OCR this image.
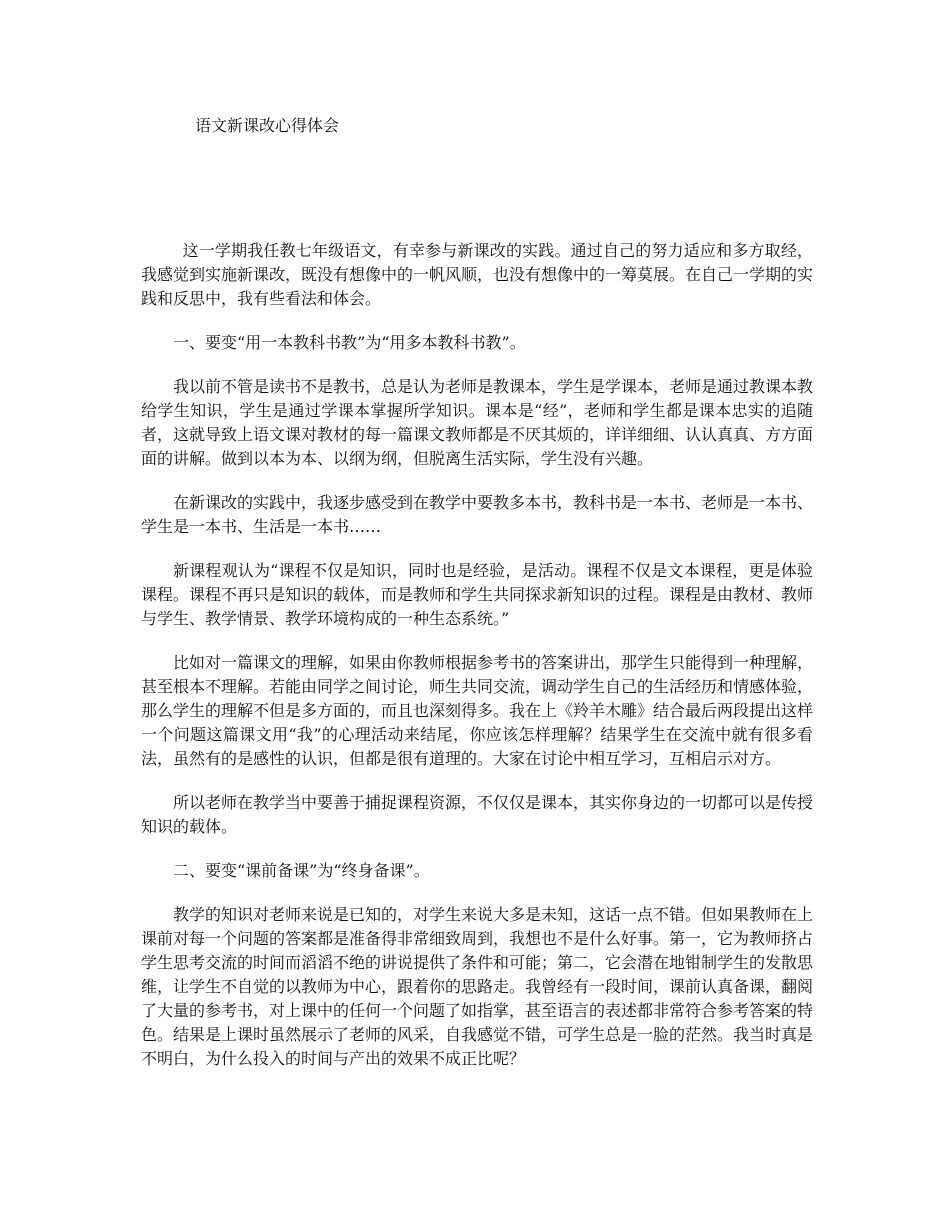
语文新课改心得体会

这一学期我任教七年级语文，有幸参与新课改的实践。通过自己的努力适应和多方取经，我感觉到实施新课改，既没有想像中的一帆风顺，也没有想像中的一筹莫展。在自己一学期的实践和反思中，我有些看法和体会。

一、要变“用一本教科书教”为“用多本教科书教”。

我以前不管是读书不是教书，总是认为老师是教课本，学生是学课本，老师是通过教课本教给学生知识，学生是通过学课本掌握所学知识。课本是“经”，老师和学生都是课本忠实的追随者，这就导致上语文课对教材的每一篇课文教师都是不厌其烦的，详详细细、认认真真、方方面面的讲解。做到以本为本、以纲为纲，但脱离生活实际，学生没有兴趣。

在新课改的实践中，我逐步感受到在教学中要教多本书，教科书是一本书、老师是一本书、学生是一本书、生活是一本书……

新课程观认为“课程不仅是知识，同时也是经验，是活动。课程不仅是文本课程，更是体验课程。课程不再只是知识的载体，而是教师和学生共同探求新知识的过程。课程是由教材、教师与学生、教学情景、教学环境构成的一种生态系统。”

比如对一篇课文的理解，如果由你教师根据参考书的答案讲出，那学生只能得到一种理解，甚至根本不理解。若能由同学之间讨论，师生共同交流，调动学生自己的生活经历和情感体验，那么学生的理解不但是多方面的，而且也深刻得多。我在上《羚羊木雕》结合最后两段提出这样一个问题这篇课文用“我”的心理活动来结尾，你应该怎样理解？结果学生在交流中就有很多看法，虽然有的是感性的认识，但都是很有道理的。大家在讨论中相互学习，互相启示对方。

所以老师在教学当中要善于捕捉课程资源，不仅仅是课本，其实你身边的一切都可以是传授知识的载体。

二、要变“课前备课”为“终身备课”。

教学的知识对老师来说是已知的，对学生来说大多是未知，这话一点不错。但如果教师在上课前对每一个问题的答案都是准备得非常细致周到，我想也不是什么好事。第一，它为教师挤占学生思考交流的时间而滔滔不绝的讲说提供了条件和可能；第二，它会潜在地钳制学生的发散思维，让学生不自觉的以教师为中心，跟着你的思路走。我曾经有一段时间，课前认真备课，翻阅了大量的参考书，对上课中的任何一个问题了如指掌，甚至语言的表述都非常符合参考答案的特色。结果是上课时虽然展示了老师的风采，自我感觉不错，可学生总是一脸的茫然。我当时真是不明白，为什么投入的时间与产出的效果不成正比呢？
